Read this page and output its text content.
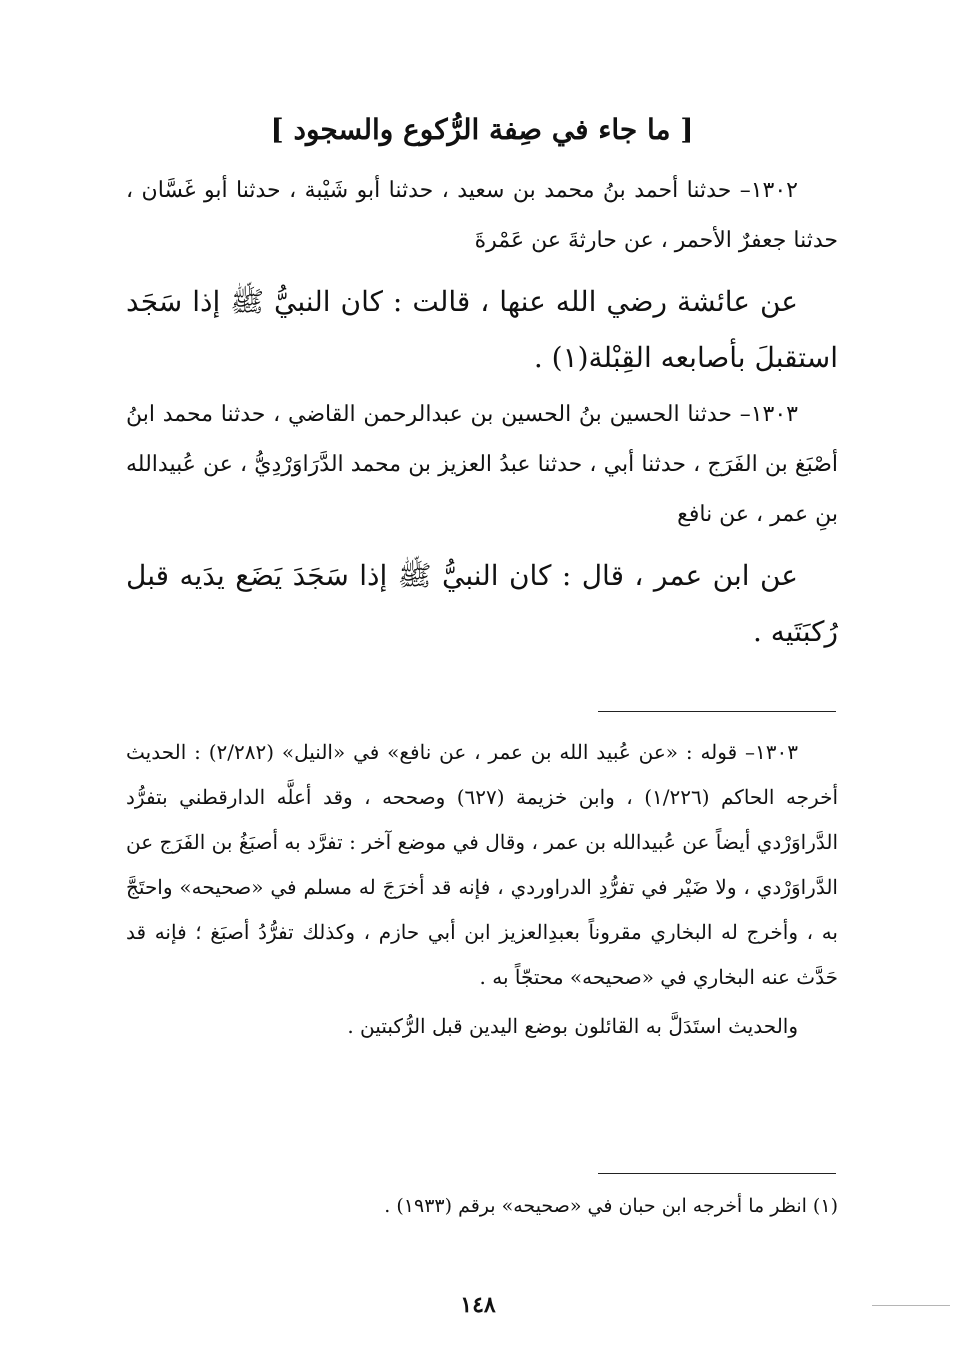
[ ما جاء في صِفة الرُّكوع والسجود ]

١٣٠٢– حدثنا أحمد بنُ محمد بن سعيد ، حدثنا أبو شَيْبة ، حدثنا أبو غَسَّان ، حدثنا جعفرٌ الأحمر ، عن حارثةَ عن عَمْرةَ

عن عائشة رضي الله عنها ، قالت : كان النبيُّ ﷺ إذا سَجَد استقبلَ بأصابعه القِبْلة(١) .

١٣٠٣– حدثنا الحسين بنُ الحسين بن عبدالرحمن القاضي ، حدثنا محمد ابنُ أصْبَغ بن الفَرَج ، حدثنا أبي ، حدثنا عبدُ العزيز بن محمد الدَّرَاوَرْدِيُّ ، عن عُبيدالله بنِ عمر ، عن نافع

عن ابن عمر ، قال : كان النبيُّ ﷺ إذا سَجَدَ يَضَع يدَيه قبل رُكبَتَيه .

١٣٠٣– قوله : «عن عُبيد الله بن عمر ، عن نافع» في «النيل» (٢/٢٨٢) : الحديث أخرجه الحاكم (١/٢٢٦) ، وابن خزيمة (٦٢٧) وصححه ، وقد أعلَّه الدارقطني بتفرُّد الدَّراوَرْدي أيضاً عن عُبيدالله بن عمر ، وقال في موضع آخر : تفرَّد به أصبَغُ بن الفَرَج عن الدَّراوَرْدي ، ولا ضَيْر في تفرُّدِ الدراوردي ، فإنه قد أخرَجَ له مسلم في «صحيحه» واحتَجَّ به ، وأخرج له البخاري مقروناً بعبدِالعزيز ابن أبي حازم ، وكذلك تفرُّدُ أصبَغ ؛ فإنه قد حَدَّث عنه البخاري في «صحيحه» محتجّاً به .

والحديث استَدَلَّ به القائلون بوضع اليدين قبل الرُّكبتين .

(١) انظر ما أخرجه ابن حبان في «صحيحه» برقم (١٩٣٣) .

١٤٨
